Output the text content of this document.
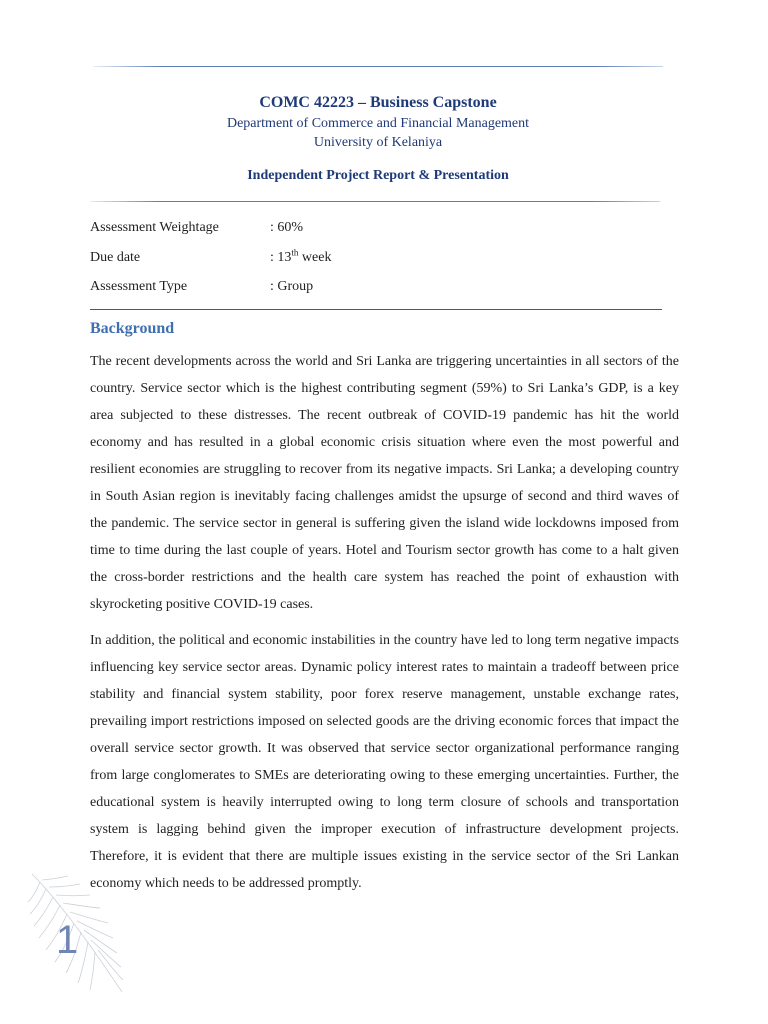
COMC 42223 – Business Capstone
Department of Commerce and Financial Management
University of Kelaniya
Independent Project Report & Presentation
Assessment Weightage	: 60%
Due date	: 13th week
Assessment Type	: Group
Background

The recent developments across the world and Sri Lanka are triggering uncertainties in all sectors of the country. Service sector which is the highest contributing segment (59%) to Sri Lanka’s GDP, is a key area subjected to these distresses. The recent outbreak of COVID-19 pandemic has hit the world economy and has resulted in a global economic crisis situation where even the most powerful and resilient economies are struggling to recover from its negative impacts. Sri Lanka; a developing country in South Asian region is inevitably facing challenges amidst the upsurge of second and third waves of the pandemic. The service sector in general is suffering given the island wide lockdowns imposed from time to time during the last couple of years. Hotel and Tourism sector growth has come to a halt given the cross-border restrictions and the health care system has reached the point of exhaustion with skyrocketing positive COVID-19 cases.

In addition, the political and economic instabilities in the country have led to long term negative impacts influencing key service sector areas. Dynamic policy interest rates to maintain a tradeoff between price stability and financial system stability, poor forex reserve management, unstable exchange rates, prevailing import restrictions imposed on selected goods are the driving economic forces that impact the overall service sector growth. It was observed that service sector organizational performance ranging from large conglomerates to SMEs are deteriorating owing to these emerging uncertainties. Further, the educational system is heavily interrupted owing to long term closure of schools and transportation system is lagging behind given the improper execution of infrastructure development projects. Therefore, it is evident that there are multiple issues existing in the service sector of the Sri Lankan economy which needs to be addressed promptly.

1
